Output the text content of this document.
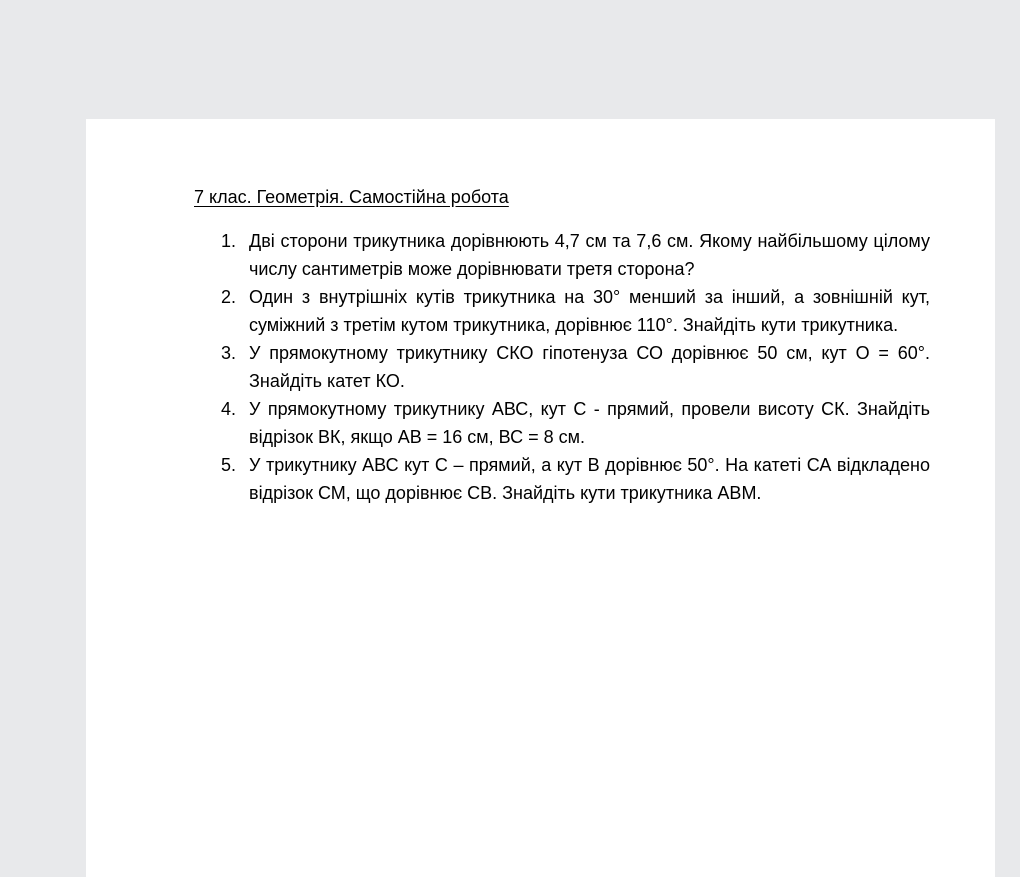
7 клас. Геометрія. Самостійна робота
1. Дві сторони трикутника дорівнюють 4,7 см та 7,6 см. Якому найбільшому цілому числу сантиметрів може дорівнювати третя сторона?
2. Один з внутрішніх кутів трикутника на 30° менший за інший, а зовнішній кут, суміжний з третім кутом трикутника, дорівнює 110°. Знайдіть кути трикутника.
3. У прямокутному трикутнику СКО гіпотенуза СО дорівнює 50 см, кут О = 60°. Знайдіть катет КО.
4. У прямокутному трикутнику АВС, кут С - прямий, провели висоту СК. Знайдіть відрізок ВК, якщо АВ = 16 см, ВС = 8 см.
5. У трикутнику АВС кут С – прямий, а кут В дорівнює 50°. На катеті СА відкладено відрізок СМ, що дорівнює СВ. Знайдіть кути трикутника АВМ.
